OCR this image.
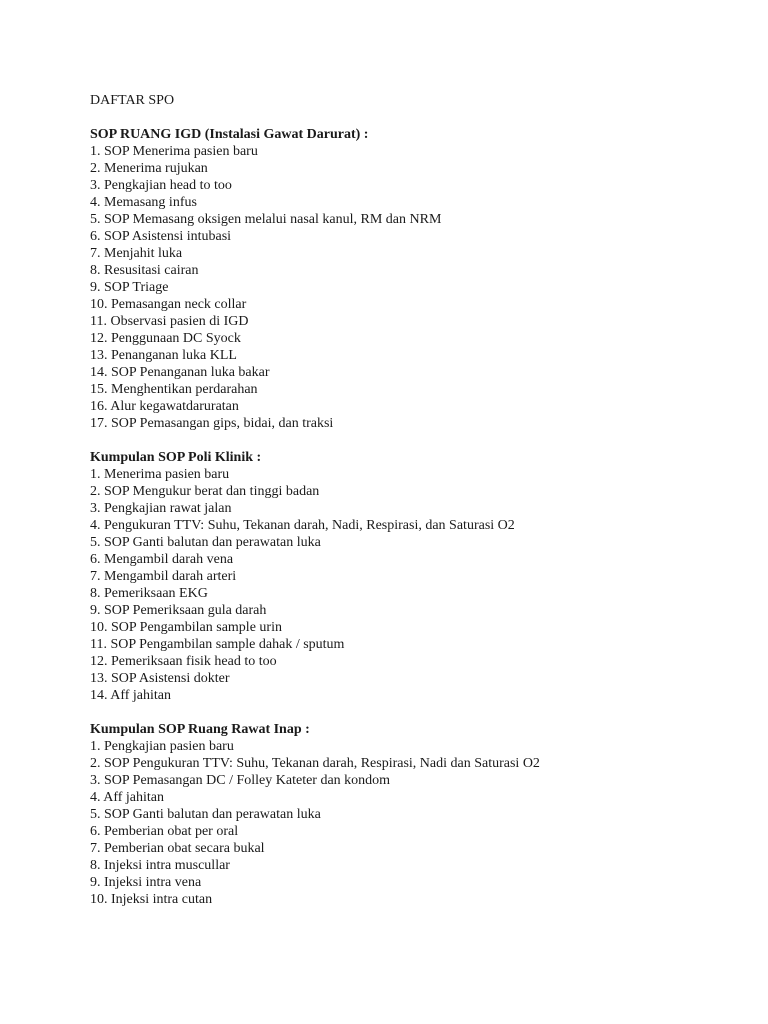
DAFTAR SPO
SOP RUANG IGD (Instalasi Gawat Darurat) :
1. SOP Menerima pasien baru
2. Menerima rujukan
3. Pengkajian head to too
4. Memasang infus
5. SOP Memasang oksigen melalui nasal kanul, RM dan NRM
6. SOP Asistensi intubasi
7. Menjahit luka
8. Resusitasi cairan
9. SOP Triage
10. Pemasangan neck collar
11. Observasi pasien di IGD
12. Penggunaan DC Syock
13. Penanganan luka KLL
14. SOP Penanganan luka bakar
15. Menghentikan perdarahan
16. Alur kegawatdaruratan
17. SOP Pemasangan gips, bidai, dan traksi
Kumpulan SOP Poli Klinik :
1. Menerima pasien baru
2. SOP Mengukur berat dan tinggi badan
3. Pengkajian rawat jalan
4. Pengukuran TTV: Suhu, Tekanan darah, Nadi, Respirasi, dan Saturasi O2
5. SOP Ganti balutan dan perawatan luka
6. Mengambil darah vena
7. Mengambil darah arteri
8. Pemeriksaan EKG
9. SOP Pemeriksaan gula darah
10. SOP Pengambilan sample urin
11. SOP Pengambilan sample dahak / sputum
12. Pemeriksaan fisik head to too
13. SOP Asistensi dokter
14. Aff jahitan
Kumpulan SOP Ruang Rawat Inap :
1. Pengkajian pasien baru
2. SOP Pengukuran TTV: Suhu, Tekanan darah, Respirasi, Nadi dan Saturasi O2
3. SOP Pemasangan DC / Folley Kateter dan kondom
4. Aff jahitan
5. SOP Ganti balutan dan perawatan luka
6. Pemberian obat per oral
7. Pemberian obat secara bukal
8. Injeksi intra muscullar
9. Injeksi intra vena
10. Injeksi intra cutan
